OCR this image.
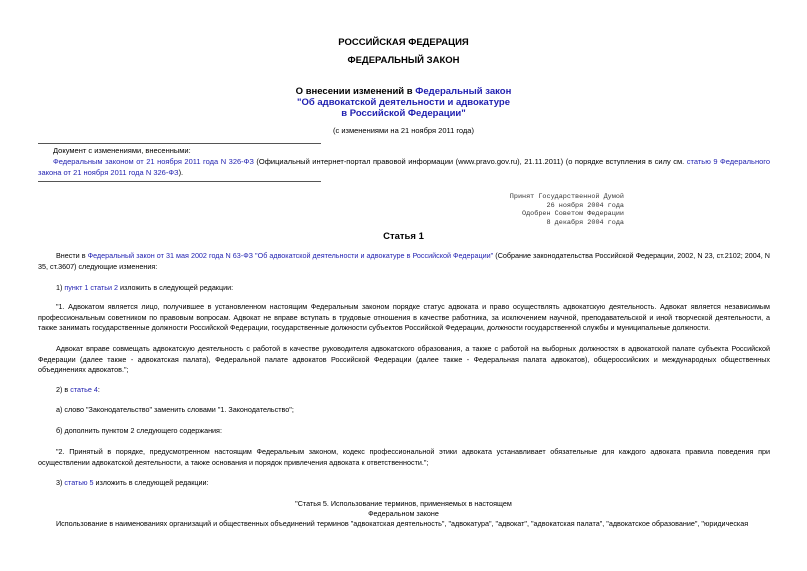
РОССИЙСКАЯ ФЕДЕРАЦИЯ
ФЕДЕРАЛЬНЫЙ ЗАКОН
О внесении изменений в Федеральный закон
"Об адвокатской деятельности и адвокатуре
в Российской Федерации"
(с изменениями на 21 ноября 2011 года)
Документ с изменениями, внесенными:
Федеральным законом от 21 ноября 2011 года N 326-ФЗ (Официальный интернет-портал правовой информации (www.pravo.gov.ru), 21.11.2011) (о порядке вступления в силу см. статью 9 Федерального закона от 21 ноября 2011 года N 326-ФЗ).
Принят Государственной Думой
26 ноября 2004 года
Одобрен Советом Федерации
8 декабря 2004 года
Статья 1
Внести в Федеральный закон от 31 мая 2002 года N 63-ФЗ "Об адвокатской деятельности и адвокатуре в Российской Федерации" (Собрание законодательства Российской Федерации, 2002, N 23, ст.2102; 2004, N 35, ст.3607) следующие изменения:
1) пункт 1 статьи 2 изложить в следующей редакции:
"1. Адвокатом является лицо, получившее в установленном настоящим Федеральным законом порядке статус адвоката и право осуществлять адвокатскую деятельность. Адвокат является независимым профессиональным советником по правовым вопросам. Адвокат не вправе вступать в трудовые отношения в качестве работника, за исключением научной, преподавательской и иной творческой деятельности, а также занимать государственные должности Российской Федерации, государственные должности субъектов Российской Федерации, должности государственной службы и муниципальные должности.
Адвокат вправе совмещать адвокатскую деятельность с работой в качестве руководителя адвокатского образования, а также с работой на выборных должностях в адвокатской палате субъекта Российской Федерации (далее также - адвокатская палата), Федеральной палате адвокатов Российской Федерации (далее также - Федеральная палата адвокатов), общероссийских и международных общественных объединениях адвокатов.";
2) в статье 4:
а) слово "Законодательство" заменить словами "1. Законодательство";
б) дополнить пунктом 2 следующего содержания:
"2. Принятый в порядке, предусмотренном настоящим Федеральным законом, кодекс профессиональной этики адвоката устанавливает обязательные для каждого адвоката правила поведения при осуществлении адвокатской деятельности, а также основания и порядок привлечения адвоката к ответственности.";
3) статью 5 изложить в следующей редакции:
"Статья 5. Использование терминов, применяемых в настоящем
Федеральном законе
Использование в наименованиях организаций и общественных объединений терминов "адвокатская деятельность", "адвокатура", "адвокат", "адвокатская палата", "адвокатское образование", "юридическая
